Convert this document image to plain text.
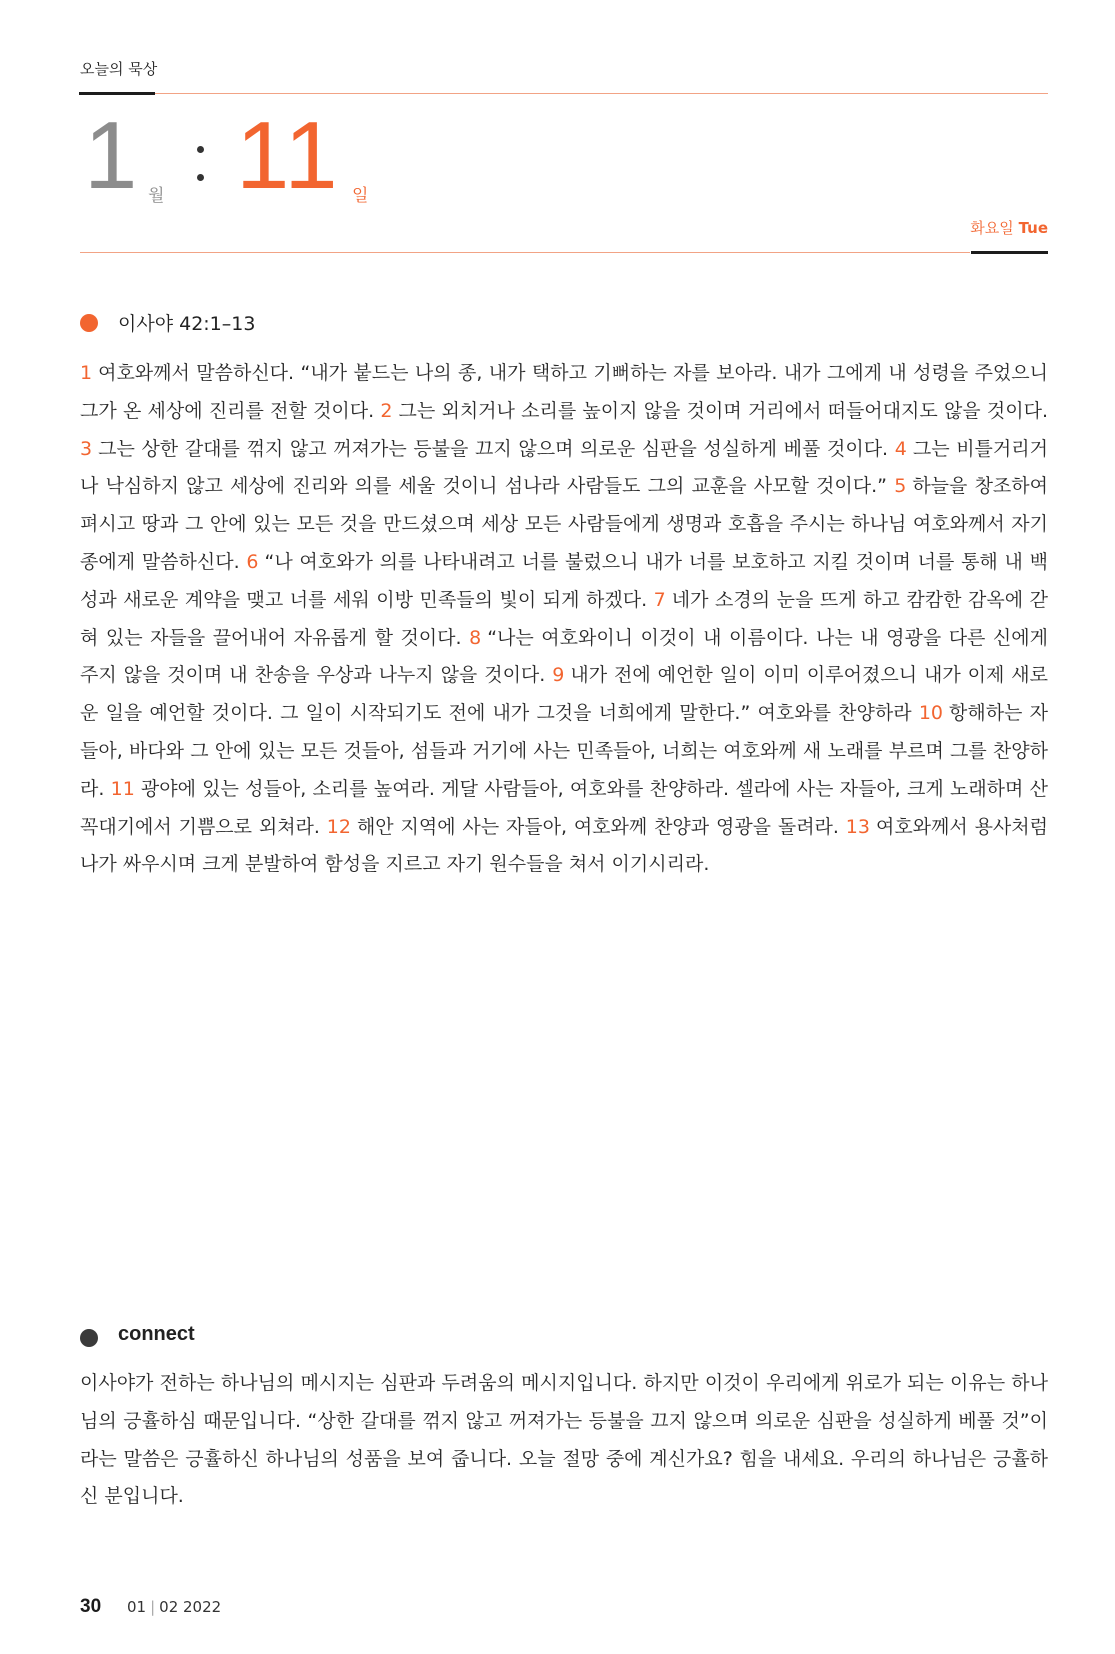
오늘의 묵상
1 월 11 일
화요일 Tue
이사야 42:1–13
1 여호와께서 말씀하신다. “내가 붙드는 나의 종, 내가 택하고 기뻐하는 자를 보아라. 내가 그에게 내 성령을 주었으니 그가 온 세상에 진리를 전할 것이다. 2 그는 외치거나 소리를 높이지 않을 것이며 거리에서 떠들어대지도 않을 것이다. 3 그는 상한 갈대를 꺾지 않고 꺼져가는 등불을 끄지 않으며 의로운 심판을 성실하게 베풀 것이다. 4 그는 비틀거리거나 낙심하지 않고 세상에 진리와 의를 세울 것이니 섬나라 사람들도 그의 교훈을 사모할 것이다.” 5 하늘을 창조하여 펴시고 땅과 그 안에 있는 모든 것을 만드셨으며 세상 모든 사람들에게 생명과 호흡을 주시는 하나님 여호와께서 자기 종에게 말씀하신다. 6 “나 여호와가 의를 나타내려고 너를 불렀으니 내가 너를 보호하고 지킬 것이며 너를 통해 내 백성과 새로운 계약을 맺고 너를 세워 이방 민족들의 빛이 되게 하겠다. 7 네가 소경의 눈을 뜨게 하고 캄캄한 감옥에 갇혀 있는 자들을 끌어내어 자유롭게 할 것이다. 8 “나는 여호와이니 이것이 내 이름이다. 나는 내 영광을 다른 신에게 주지 않을 것이며 내 찬송을 우상과 나누지 않을 것이다. 9 내가 전에 예언한 일이 이미 이루어졌으니 내가 이제 새로운 일을 예언할 것이다. 그 일이 시작되기도 전에 내가 그것을 너희에게 말한다.” 여호와를 찬양하라 10 항해하는 자들아, 바다와 그 안에 있는 모든 것들아, 섬들과 거기에 사는 민족들아, 너희는 여호와께 새 노래를 부르며 그를 찬양하라. 11 광야에 있는 성들아, 소리를 높여라. 게달 사람들아, 여호와를 찬양하라. 셀라에 사는 자들아, 크게 노래하며 산꼭대기에서 기쁨으로 외쳐라. 12 해안 지역에 사는 자들아, 여호와께 찬양과 영광을 돌려라. 13 여호와께서 용사처럼 나가 싸우시며 크게 분발하여 함성을 지르고 자기 원수들을 쳐서 이기시리라.
connect
이사야가 전하는 하나님의 메시지는 심판과 두려움의 메시지입니다. 하지만 이것이 우리에게 위로가 되는 이유는 하나님의 긍휼하심 때문입니다. “상한 갈대를 꺾지 않고 꺼져가는 등불을 끄지 않으며 의로운 심판을 성실하게 베풀 것”이라는 말씀은 긍휼하신 하나님의 성품을 보여 줍니다. 오늘 절망 중에 계신가요? 힘을 내세요. 우리의 하나님은 긍휼하신 분입니다.
30 01 | 02 2022
